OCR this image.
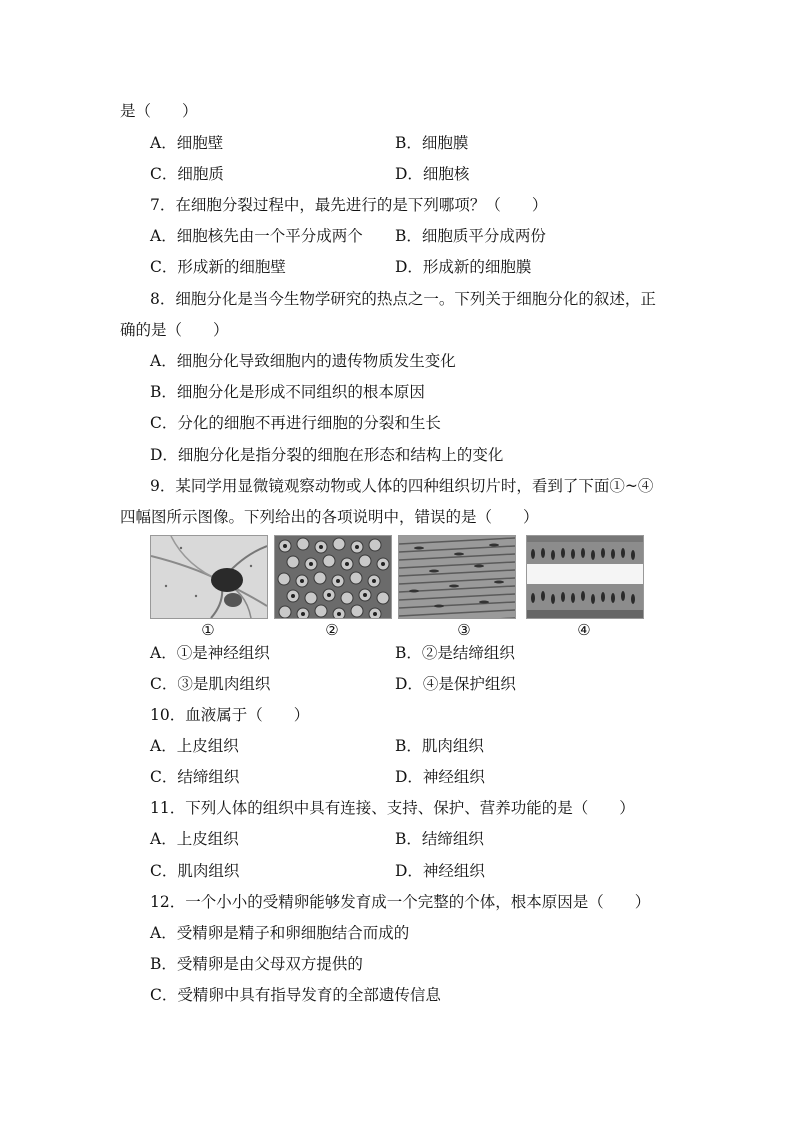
是（　　）
A．细胞壁	B．细胞膜
C．细胞质	D．细胞核
7．在细胞分裂过程中，最先进行的是下列哪项？（　　）
A．细胞核先由一个平分成两个 B．细胞质平分成两份
C．形成新的细胞壁	D．形成新的细胞膜
8．细胞分化是当今生物学研究的热点之一。下列关于细胞分化的叙述，正
确的是（　　）
A．细胞分化导致细胞内的遗传物质发生变化
B．细胞分化是形成不同组织的根本原因
C．分化的细胞不再进行细胞的分裂和生长
D．细胞分化是指分裂的细胞在形态和结构上的变化
9．某同学用显微镜观察动物或人体的四种组织切片时，看到了下面①~④
四幅图所示图像。下列给出的各项说明中，错误的是（　　）
①	②	③	④
A．①是神经组织	B．②是结缔组织
C．③是肌肉组织	D．④是保护组织
10．血液属于（　　）
A．上皮组织	B．肌肉组织
C．结缔组织	D．神经组织
11．下列人体的组织中具有连接、支持、保护、营养功能的是（　　）
A．上皮组织	B．结缔组织
C．肌肉组织	D．神经组织
12．一个小小的受精卵能够发育成一个完整的个体，根本原因是（　　）
A．受精卵是精子和卵细胞结合而成的
B．受精卵是由父母双方提供的
C．受精卵中具有指导发育的全部遗传信息
